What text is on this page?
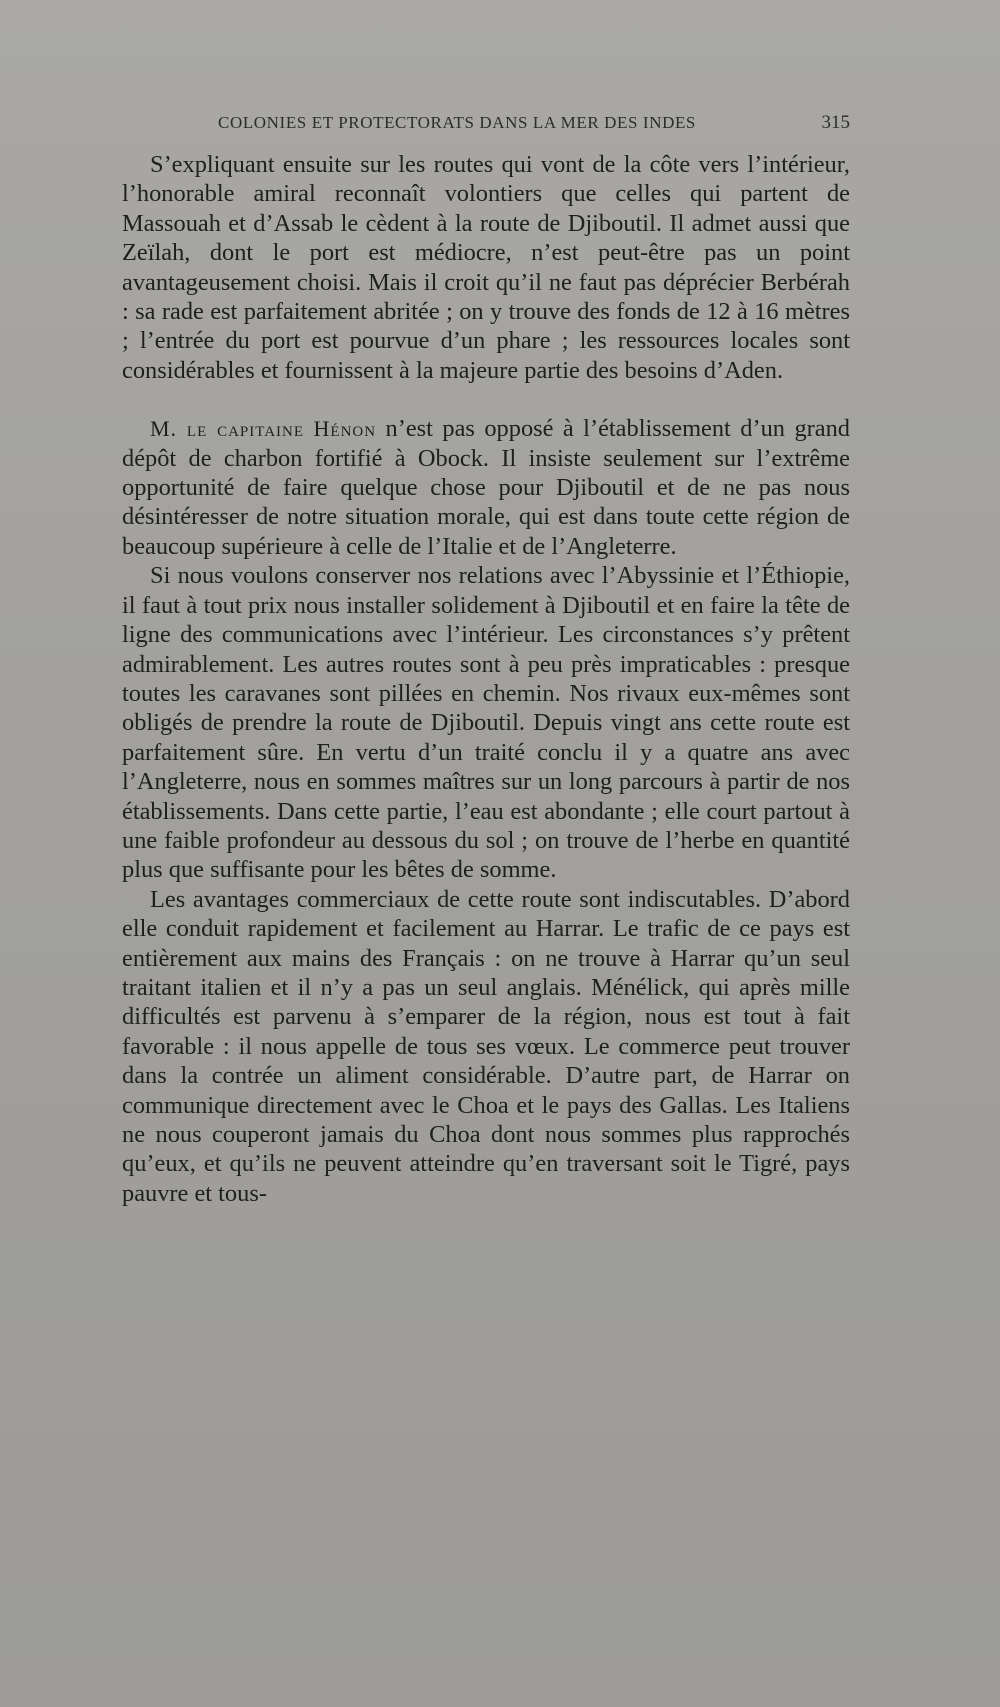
COLONIES ET PROTECTORATS DANS LA MER DES INDES	315

S’expliquant ensuite sur les routes qui vont de la côte vers l’intérieur, l’honorable amiral reconnaît volontiers que celles qui partent de Massouah et d’Assab le cèdent à la route de Djiboutil. Il admet aussi que Zeïlah, dont le port est médiocre, n’est peut-être pas un point avantageusement choisi. Mais il croit qu’il ne faut pas déprécier Berbérah : sa rade est parfaitement abritée ; on y trouve des fonds de 12 à 16 mètres ; l’entrée du port est pourvue d’un phare ; les ressources locales sont considérables et fournissent à la majeure partie des besoins d’Aden.

M. le capitaine Hénon n’est pas opposé à l’établissement d’un grand dépôt de charbon fortifié à Obock. Il insiste seulement sur l’extrême opportunité de faire quelque chose pour Djiboutil et de ne pas nous désintéresser de notre situation morale, qui est dans toute cette région de beaucoup supérieure à celle de l’Italie et de l’Angleterre.

Si nous voulons conserver nos relations avec l’Abyssinie et l’Éthiopie, il faut à tout prix nous installer solidement à Djiboutil et en faire la tête de ligne des communications avec l’intérieur. Les circonstances s’y prêtent admirablement. Les autres routes sont à peu près impraticables : presque toutes les caravanes sont pillées en chemin. Nos rivaux eux-mêmes sont obligés de prendre la route de Djiboutil. Depuis vingt ans cette route est parfaitement sûre. En vertu d’un traité conclu il y a quatre ans avec l’Angleterre, nous en sommes maîtres sur un long parcours à partir de nos établissements. Dans cette partie, l’eau est abondante ; elle court partout à une faible profondeur au dessous du sol ; on trouve de l’herbe en quantité plus que suffisante pour les bêtes de somme.

Les avantages commerciaux de cette route sont indiscutables. D’abord elle conduit rapidement et facilement au Harrar. Le trafic de ce pays est entièrement aux mains des Français : on ne trouve à Harrar qu’un seul traitant italien et il n’y a pas un seul anglais. Ménélick, qui après mille difficultés est parvenu à s’emparer de la région, nous est tout à fait favorable : il nous appelle de tous ses vœux. Le commerce peut trouver dans la contrée un aliment considérable. D’autre part, de Harrar on communique directement avec le Choa et le pays des Gallas. Les Italiens ne nous couperont jamais du Choa dont nous sommes plus rapprochés qu’eux, et qu’ils ne peuvent atteindre qu’en traversant soit le Tigré, pays pauvre et tous-
